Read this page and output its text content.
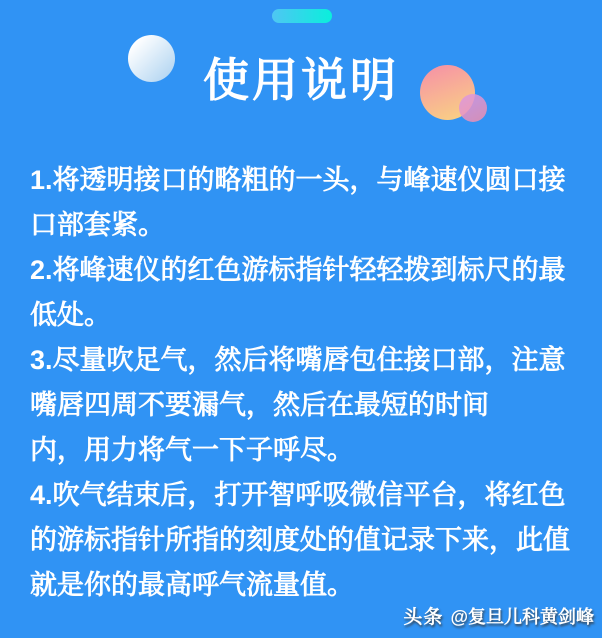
使用说明
1.将透明接口的略粗的一头，与峰速仪圆口接
口部套紧。
2.将峰速仪的红色游标指针轻轻拨到标尺的最
低处。
3.尽量吹足气，然后将嘴唇包住接口部，注意
嘴唇四周不要漏气，然后在最短的时间
内，用力将气一下子呼尽。
4.吹气结束后，打开智呼吸微信平台，将红色
的游标指针所指的刻度处的值记录下来，此值
就是你的最高呼气流量值。
头条 @复旦儿科黄剑峰
